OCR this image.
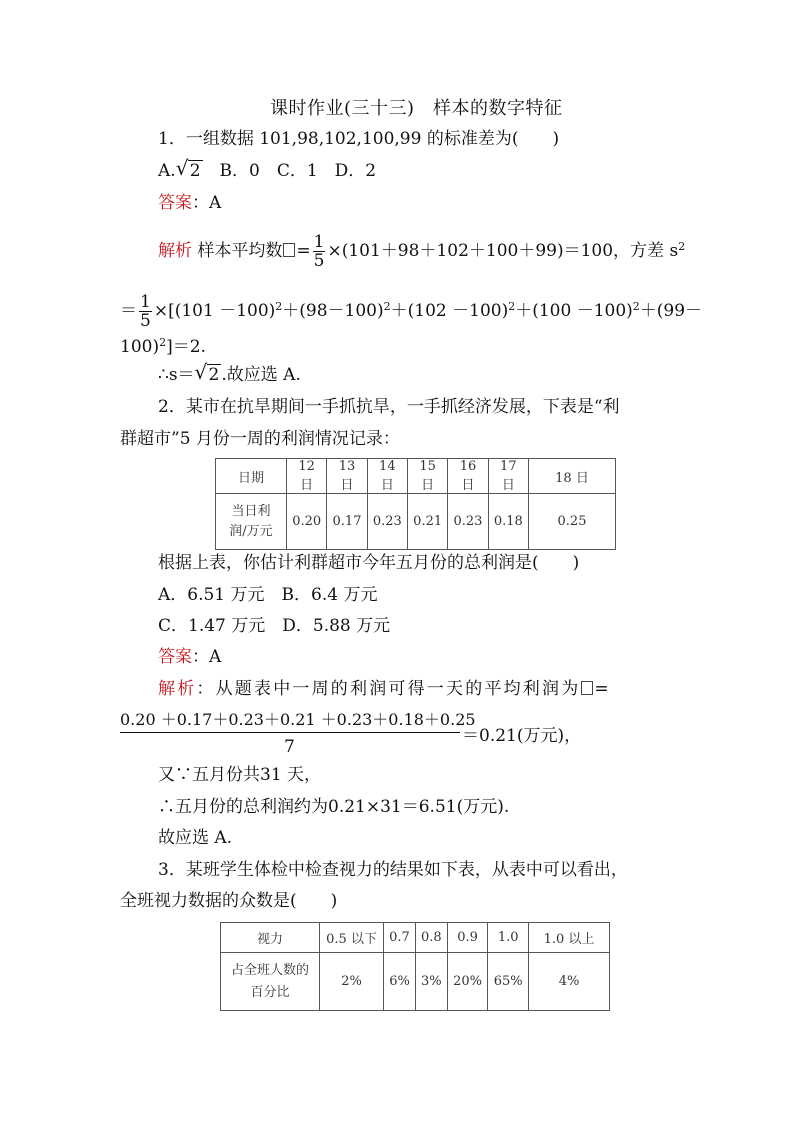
课时作业(三十三)　样本的数字特征
1．一组数据 101,98,102,100,99 的标准差为(　　)
A. √ 2　B．0　C．1　D．2
答案：A
解析 样本平均数 = $\frac{1}{5} \times(101+98+102+100+99)=100$，方差 $s^2$
＝ $\frac{1}{5} \times[(101 -100)^2+(98-100)^2+(102 -100)^2+(100 -100)^2+(99-$
100)$^2$]＝2.
∴s＝ √ 2 .故应选 A.
2．某市在抗旱期间一手抓抗旱，一手抓经济发展，下表是“利
群超市”5 月份一周的利润情况记录：
日期	12 日	13 日	14 日	15 日	16 日	17 日	18 日

当日利
润/万元	0.20	0.17	0.23	0.21	0.23	0.18	0.25
根据上表，你估计利群超市今年五月份的总利润是(　　)
A．6.51 万元　B．6.4 万元
C．1.47 万元　D．5.88 万元
答案：A
解析：从题表中一周的利润可得一天的平均利润为 =
0.20 ＋0.17＋0.23＋0.21 ＋0.23＋0.18＋0.25
7
＝0.21(万元)，
又∵五月份共31 天，
∴五月份的总利润约为0.21×31＝6.51(万元).
故应选 A.
3．某班学生体检中检查视力的结果如下表，从表中可以看出，
全班视力数据的众数是(　　)
视力	0.5 以下	0.7	0.8	0.9	1.0	1.0 以上

占全班人数的
百分比	2%	6%	3%	20%	65%	4%
